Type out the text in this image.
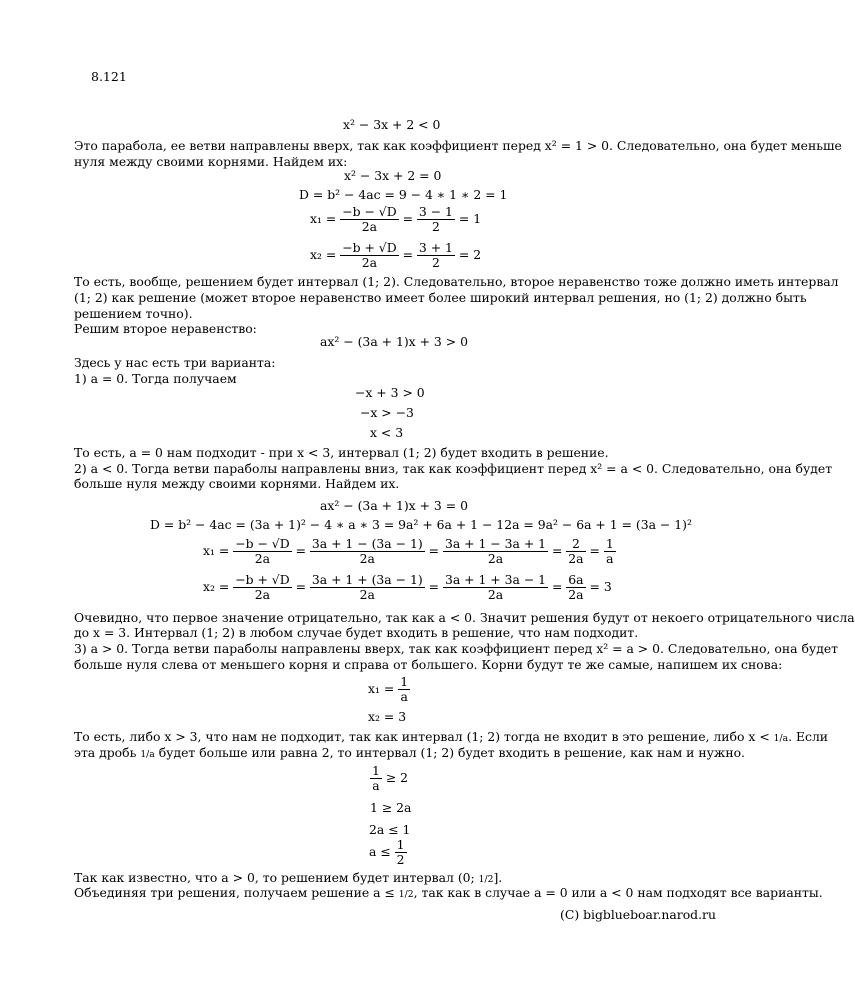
8.121
x² − 3x + 2 < 0
Это парабола, ее ветви направлены вверх, так как коэффициент перед x² = 1 > 0. Следовательно, она будет меньше
нуля между своими корнями. Найдем их:
x² − 3x + 2 = 0
D = b² − 4ac = 9 − 4 ∗ 1 ∗ 2 = 1
$x_1 = \frac{-b - √D}{2a} = \frac{3 - 1}{2} = 1$
$x_2 = \frac{-b + √D}{2a} = \frac{3 + 1}{2} = 2$
То есть, вообще, решением будет интервал (1; 2). Следовательно, второе неравенство тоже должно иметь интервал
(1; 2) как решение (может второе неравенство имеет более широкий интервал решения, но (1; 2) должно быть
решением точно).
Решим второе неравенство:
ax² − (3a + 1)x + 3 > 0
Здесь у нас есть три варианта:
1) a = 0. Тогда получаем
−x + 3 > 0
−x > −3
x < 3
То есть, a = 0 нам подходит - при x < 3, интервал (1; 2) будет входить в решение.
2) a < 0. Тогда ветви параболы направлены вниз, так как коэффициент перед x² = a < 0. Следовательно, она будет
больше нуля между своими корнями. Найдем их.
ax² − (3a + 1)x + 3 = 0
D = b² − 4ac = (3a + 1)² − 4 ∗ a ∗ 3 = 9a² + 6a + 1 − 12a = 9a² − 6a + 1 = (3a − 1)²
$x_1 = \frac{-b - √D}{2a} = \frac{3a + 1 - (3a - 1)}{2a} = \frac{3a + 1 - 3a + 1}{2a} = \frac{2}{2a} = \frac{1}{a}$
$x_2 = \frac{-b + √D}{2a} = \frac{3a + 1 + (3a - 1)}{2a} = \frac{3a + 1 + 3a - 1}{2a} = \frac{6a}{2a} = 3$
Очевидно, что первое значение отрицательно, так как a < 0. Значит решения будут от некоего отрицательного числа
до x = 3. Интервал (1; 2) в любом случае будет входить в решение, что нам подходит.
3) a > 0. Тогда ветви параболы направлены вверх, так как коэффициент перед x² = a > 0. Следовательно, она будет
больше нуля слева от меньшего корня и справа от большего. Корни будут те же самые, напишем их снова:
$x_1 = \frac{1}{a}$
x₂ = 3
То есть, либо x > 3, что нам не подходит, так как интервал (1; 2) тогда не входит в это решение, либо x < 1/a. Если
эта дробь 1/a будет больше или равна 2, то интервал (1; 2) будет входить в решение, как нам и нужно.
$\frac{1}{a} \ge 2$
1 ≥ 2a
2a ≤ 1
$a \le \frac{1}{2}$
Так как известно, что a > 0, то решением будет интервал (0; 1/2].
Объединяя три решения, получаем решение a ≤ 1/2, так как в случае a = 0 или a < 0 нам подходят все варианты.
(C) bigblueboar.narod.ru
